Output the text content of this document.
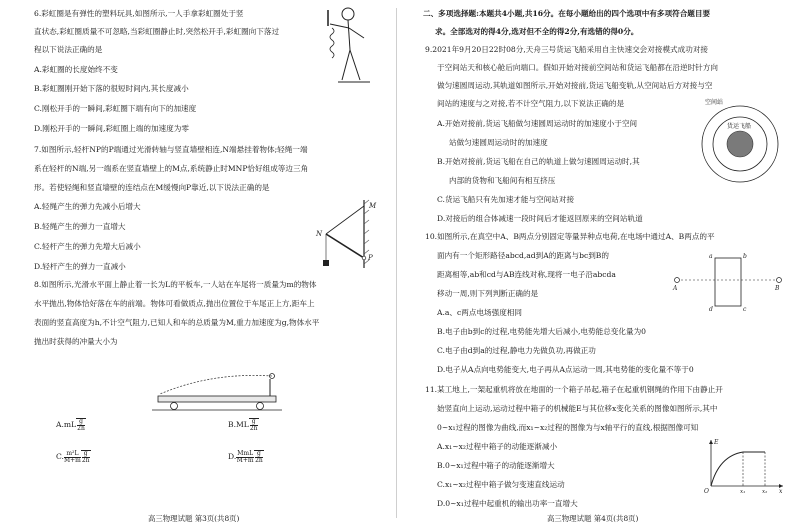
6.彩虹圈是有弹性的塑料玩具,如图所示,一人手拿彩虹圈处于竖
直状态,彩虹圈质量不可忽略,当彩虹圈静止时,突然松开手,彩虹圈向下落过
程以下说法正确的是
A.彩虹圈的长度始终不变
B.彩虹圈刚开始下落的很短时间内,其长度减小
C.刚松开手的一瞬间,彩虹圈下端有向下的加速度
D.刚松开手的一瞬间,彩虹圈上端的加速度为零
7.如图所示,轻杆NP的P端通过光滑转轴与竖直墙壁相连,N端悬挂着物体;轻绳一端
系在轻杆的N端,另一端系在竖直墙壁上的M点,系统静止时MNP恰好组成等边三角
形。若使轻绳和竖直墙壁的连结点在M缓慢向P靠近,以下说法正确的是
A.轻绳产生的弹力先减小后增大
B.轻绳产生的弹力一直增大
C.轻杆产生的弹力先增大后减小
D.轻杆产生的弹力一直减小
M
N
P
8.如图所示,光滑水平面上静止着一长为L的平板车,一人站在车尾将一质量为m的物体
水平抛出,物体恰好落在车的前端。物体可看做质点,抛出位置位于车尾正上方,距车上
表面的竖直高度为h,不计空气阻力,已知人和车的总质量为M,重力加速度为g,物体水平
抛出时获得的冲量大小为
$A.mL \frac{g}{2h}$	$B.ML \frac{g}{2h}$
C. $\frac{\text{m²L}}{M+m} \frac{g}{2h}$	D. $\frac{\text{MmL}}{M+m} \frac{g}{2h}$
高三物理试题 第3页(共8页)
二、多项选择题:本题共4小题,共16分。在每小题给出的四个选项中有多项符合题目要
求。全部选对的得4分,选对但不全的得2分,有选错的得0分。
9.2021年9月20日22时08分,天舟三号货运飞船采用自主快速交会对接模式成功对接
于空间站天和核心舱后向端口。假如开始对接前空间站和货运飞船都在沿逆时针方向
做匀速圆周运动,其轨道如图所示,开始对接前,货运飞船变轨,从空间站后方对接与空
间站的速度与之对接,若不计空气阻力,以下说法正确的是
A.开始对接前,货运飞船做匀速圆周运动时的加速度小于空间
站做匀速圆周运动时的加速度
B.开始对接前,货运飞船在自己的轨道上做匀速圆周运动时,其
内部的货物和飞船间有相互挤压
C.货运飞船只有先加速才能与空间站对接
D.对接后的组合体减速一段时间后才能返回原来的空间站轨道
空间站
货运飞船
10.如图所示,在真空中A、B两点分别固定等量异种点电荷,在电场中通过A、B两点的平
面内有一个矩形路径abcd,ad到A的距离与bc到B的
距离相等,ab和cd与AB连线对称,现将一电子沿abcda
移动一周,则下列判断正确的是
A.a、c两点电场强度相同
B.电子由b到c的过程,电势能先增大后减小,电势能总变化量为0
C.电子由d到a的过程,静电力先做负功,再做正功
D.电子从A点向电势能变大,电子再从A点运动一周,其电势能的变化量不等于0
a	b
c
d
A	B
11.某工地上,一架起重机将放在地面的一个箱子吊起,箱子在起重机钢绳的作用下由静止开
始竖直向上运动,运动过程中箱子的机械能E与其位移x变化关系的图像如图所示,其中
0~x₁过程的图像为曲线,而x₁~x₂过程的图像为与x轴平行的直线,根据图像可知
A.x₁~x₂过程中箱子的动能逐渐减小
B.0~x₁过程中箱子的动能逐渐增大
C.x₁~x₂过程中箱子做匀变速直线运动
D.0~x₁过程中起重机的输出功率一直增大
E
O	x₁	x₂ x
高三物理试题 第4页(共8页)
